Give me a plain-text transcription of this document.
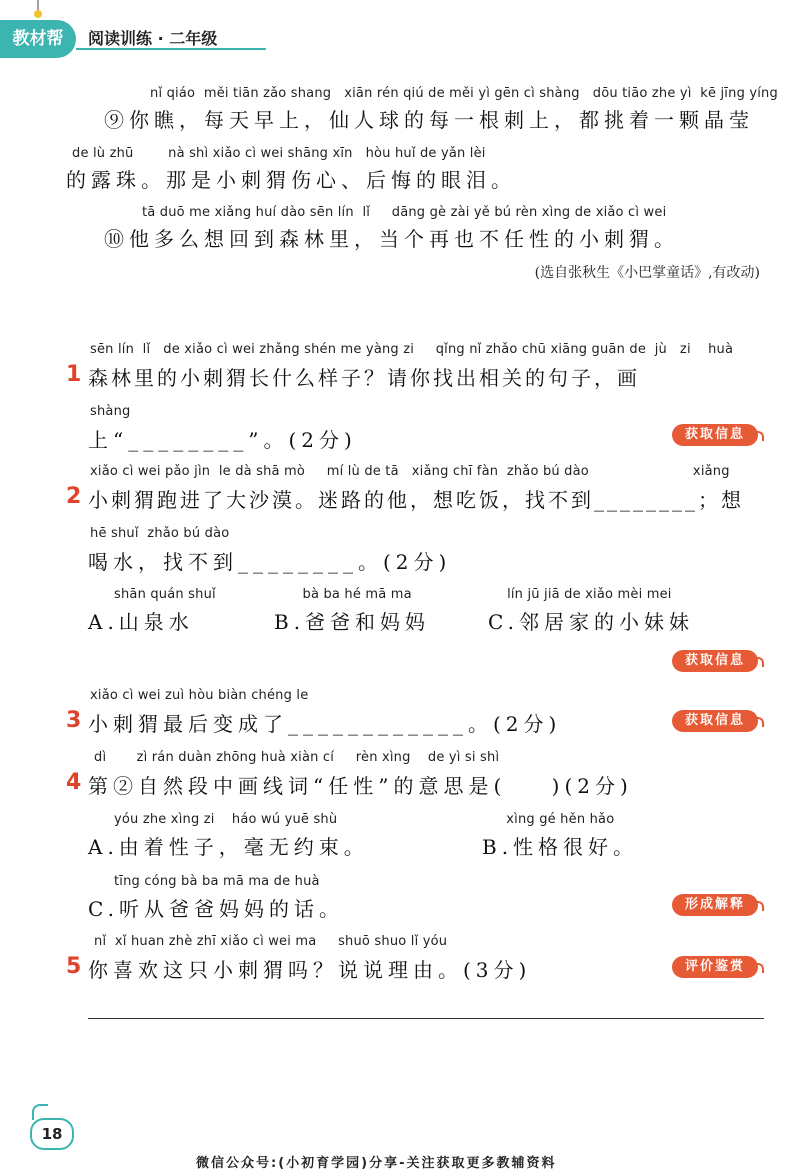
教材帮	阅读训练 · 二年级
nǐ qiáo  měi tiān zǎo shang   xiān rén qiú de měi yì gēn cì shàng   dōu tiāo zhe yì  kē jīng yíng
⑨你瞧，每天早上，仙人球的每一根刺上，都挑着一颗晶莹
de lù zhū        nà shì xiǎo cì wei shāng xīn   hòu huǐ de yǎn lèi
的露珠。那是小刺猬伤心、后悔的眼泪。
tā duō me xiǎng huí dào sēn lín  lǐ     dāng gè zài yě bú rèn xìng de xiǎo cì wei
⑩他多么想回到森林里，当个再也不任性的小刺猬。
(选自张秋生《小巴掌童话》,有改动)
sēn lín  lǐ   de xiǎo cì wei zhǎng shén me yàng zi     qǐng nǐ zhǎo chū xiāng guān de  jù   zi    huà
1 森林里的小刺猬长什么样子？请你找出相关的句子，画
shàng
上“________”。(2分)	获取信息
xiǎo cì wei pǎo jìn  le dà shā mò     mí lù de tā   xiǎng chī fàn  zhǎo bú dào                        xiǎng
2 小刺猬跑进了大沙漠。迷路的他，想吃饭，找不到________；想
hē shuǐ  zhǎo bú dào
喝水，找不到________。(2分)
shān quán shuǐ                    bà ba hé mā ma                      lín jū jiā de xiǎo mèi mei
A.山泉水	B.爸爸和妈妈	C.邻居家的小妹妹
获取信息
xiǎo cì wei zuì hòu biàn chéng le
3 小刺猬最后变成了____________。(2分)	获取信息
dì       zì rán duàn zhōng huà xiàn cí     rèn xìng    de yì si shì
4 第②自然段中画线词“任性”的意思是(    )(2分)
yóu zhe xìng zi    háo wú yuē shù                                       xìng gé hěn hǎo
A.由着性子，毫无约束。	B.性格很好。
tīng cóng bà ba mā ma de huà
C.听从爸爸妈妈的话。	形成解释
nǐ  xǐ huan zhè zhī xiǎo cì wei ma     shuō shuo lǐ yóu
5 你喜欢这只小刺猬吗？说说理由。(3分)	评价鉴赏
18
微信公众号:(小初育学园)分享-关注获取更多教辅资料
